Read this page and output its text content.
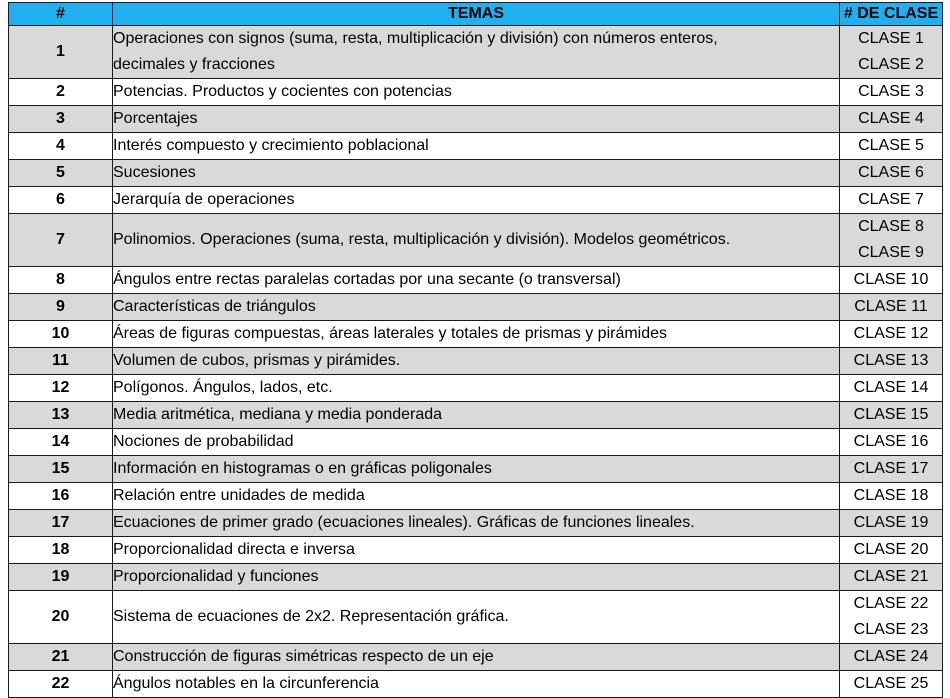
#	TEMAS	# DE CLASE
1	Operaciones con signos (suma, resta, multiplicación y división) con números enteros,
decimales y fracciones	CLASE 1
CLASE 2

2	Potencias. Productos y cocientes con potencias	CLASE 3

3	Porcentajes	CLASE 4

4	Interés compuesto y crecimiento poblacional	CLASE 5

5	Sucesiones	CLASE 6

6	Jerarquía de operaciones	CLASE 7

7	Polinomios. Operaciones (suma, resta, multiplicación y división). Modelos geométricos.	CLASE 8
CLASE 9

8	Ángulos entre rectas paralelas cortadas por una secante (o transversal)	CLASE 10

9	Características de triángulos	CLASE 11

10	Áreas de figuras compuestas, áreas laterales y totales de prismas y pirámides	CLASE 12

11	Volumen de cubos, prismas y pirámides.	CLASE 13

12	Polígonos. Ángulos, lados, etc.	CLASE 14

13	Media aritmética, mediana y media ponderada	CLASE 15

14	Nociones de probabilidad	CLASE 16

15	Información en histogramas o en gráficas poligonales	CLASE 17

16	Relación entre unidades de medida	CLASE 18

17	Ecuaciones de primer grado (ecuaciones lineales). Gráficas de funciones lineales.	CLASE 19

18	Proporcionalidad directa e inversa	CLASE 20

19	Proporcionalidad y funciones	CLASE 21

20	Sistema de ecuaciones de 2x2. Representación gráfica.	CLASE 22
CLASE 23

21	Construcción de figuras simétricas respecto de un eje	CLASE 24

22	Ángulos notables en la circunferencia	CLASE 25
